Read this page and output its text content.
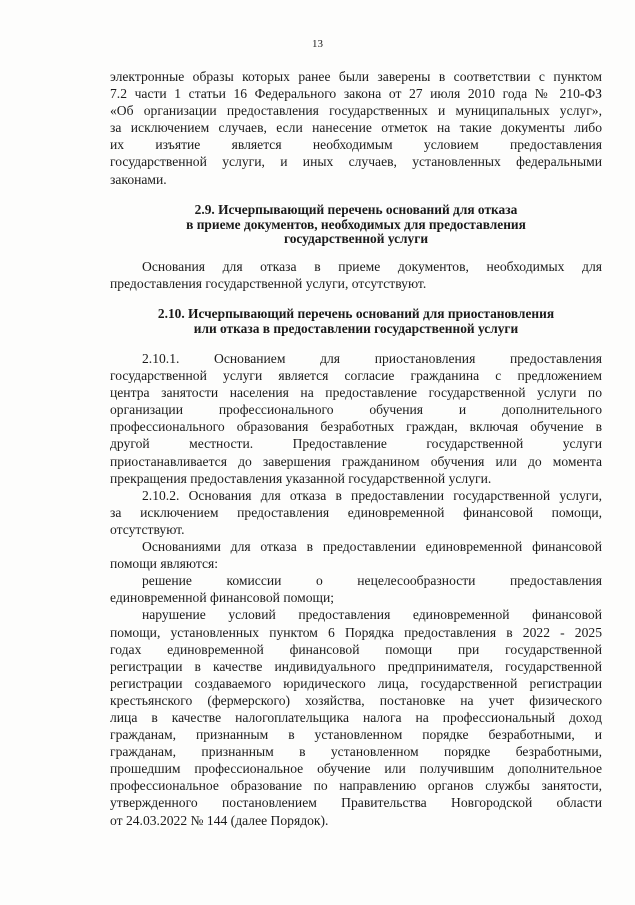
13
электронные образы которых ранее были заверены в соответствии с пунктом
7.2 части 1 статьи 16 Федерального закона от 27 июля 2010 года № 210-ФЗ
«Об организации предоставления государственных и муниципальных услуг»,
за исключением случаев, если нанесение отметок на такие документы либо
их изъятие является необходимым условием предоставления
государственной услуги, и иных случаев, установленных федеральными
законами.
2.9. Исчерпывающий перечень оснований для отказа
в приеме документов, необходимых для предоставления
государственной услуги
Основания для отказа в приеме документов, необходимых для
предоставления государственной услуги, отсутствуют.
2.10. Исчерпывающий перечень оснований для приостановления
или отказа в предоставлении государственной услуги
2.10.1. Основанием для приостановления предоставления
государственной услуги является согласие гражданина с предложением
центра занятости населения на предоставление государственной услуги по
организации профессионального обучения и дополнительного
профессионального образования безработных граждан, включая обучение в
другой местности. Предоставление государственной услуги
приостанавливается до завершения гражданином обучения или до момента
прекращения предоставления указанной государственной услуги.
2.10.2. Основания для отказа в предоставлении государственной услуги,
за исключением предоставления единовременной финансовой помощи,
отсутствуют.
Основаниями для отказа в предоставлении единовременной финансовой
помощи являются:
решение комиссии о нецелесообразности предоставления
единовременной финансовой помощи;
нарушение условий предоставления единовременной финансовой
помощи, установленных пунктом 6 Порядка предоставления в 2022 - 2025
годах единовременной финансовой помощи при государственной
регистрации в качестве индивидуального предпринимателя, государственной
регистрации создаваемого юридического лица, государственной регистрации
крестьянского (фермерского) хозяйства, постановке на учет физического
лица в качестве налогоплательщика налога на профессиональный доход
гражданам, признанным в установленном порядке безработными, и
гражданам, признанным в установленном порядке безработными,
прошедшим профессиональное обучение или получившим дополнительное
профессиональное образование по направлению органов службы занятости,
утвержденного постановлением Правительства Новгородской области
от 24.03.2022 № 144 (далее Порядок).
